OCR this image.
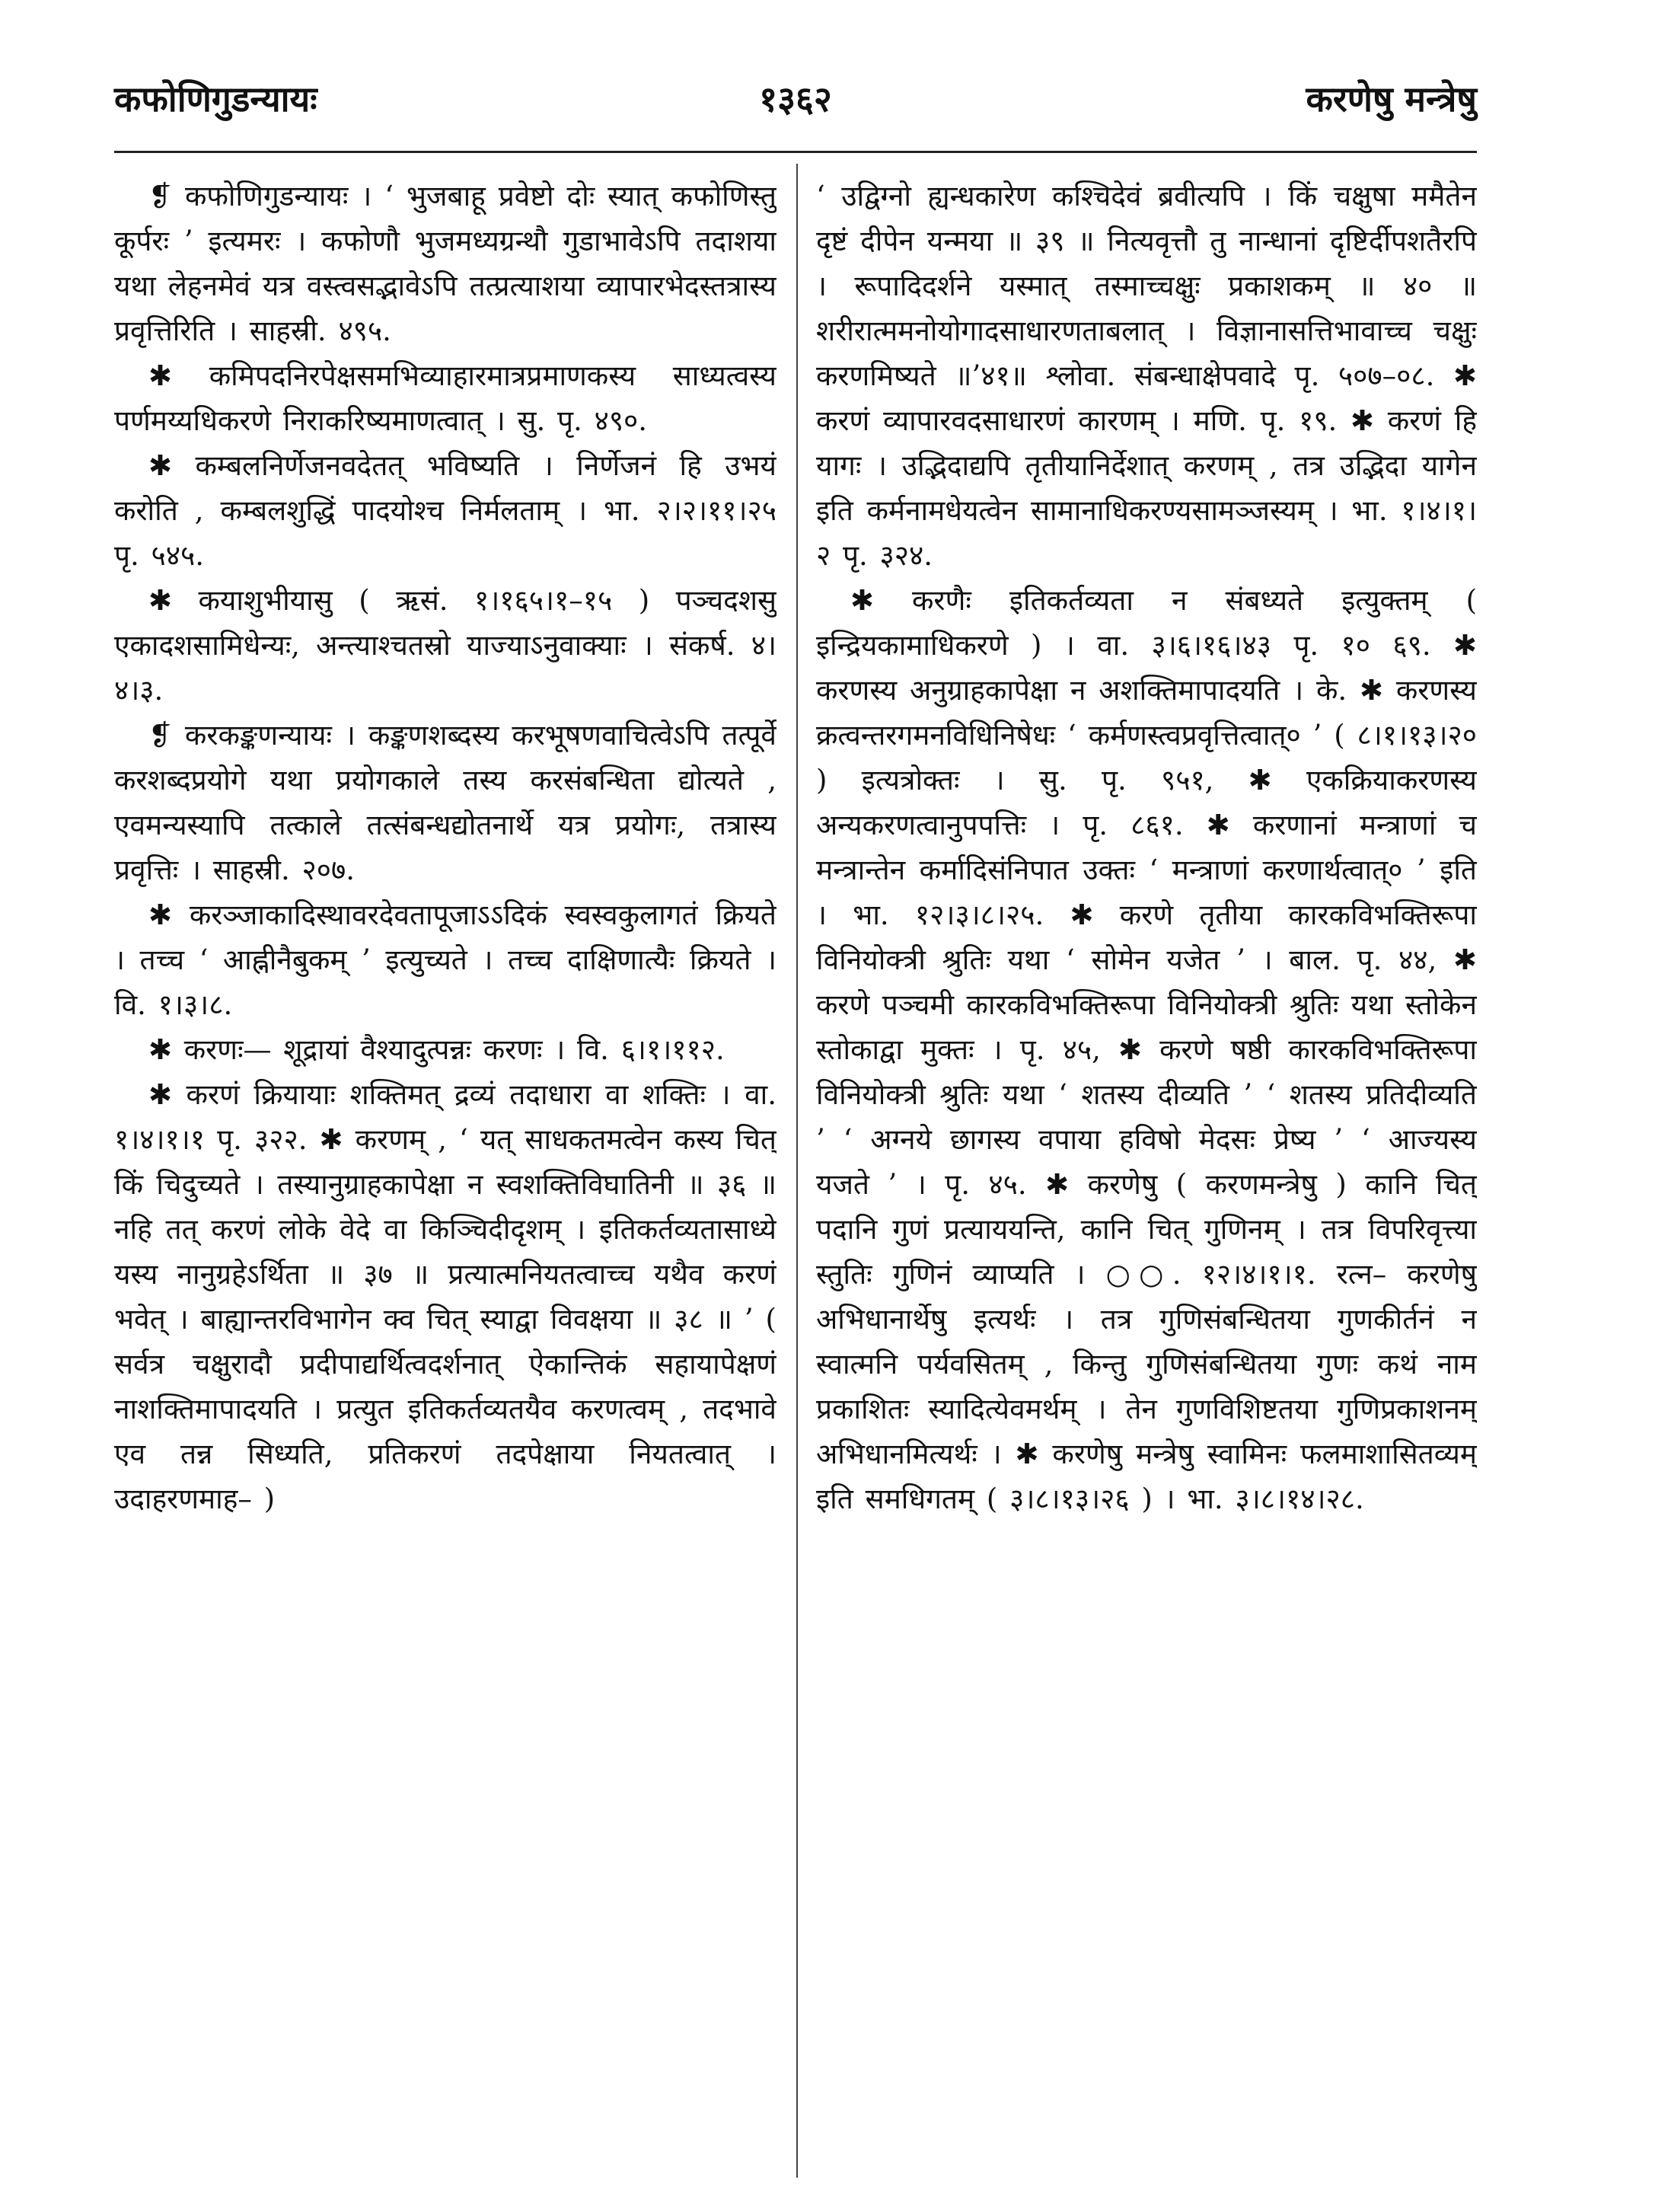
१३६२
कफोणिगुडन्यायः	करणेषु मन्त्रेषु

❡ कफोणिगुडन्यायः । ‘ भुजबाहू प्रवेष्टो दोः स्यात् कफोणिस्तु कूर्परः ’ इत्यमरः । कफोणौ भुजमध्यग्रन्थौ गुडाभावेऽपि तदाशया यथा लेहनमेवं यत्र वस्त्वसद्भावेऽपि तत्प्रत्याशया व्यापारभेदस्तत्रास्य प्रवृत्तिरिति । साहस्री. ४९५.

✱ कमिपदनिरपेक्षसमभिव्याहारमात्रप्रमाणकस्य साध्यत्वस्य पर्णमय्यधिकरणे निराकरिष्यमाणत्वात् । सु. पृ. ४९०.

✱ कम्बलनिर्णेजनवदेतत् भविष्यति । निर्णेजनं हि उभयं करोति , कम्बलशुद्धिं पादयोश्च निर्मलताम् । भा. २।२।११।२५ पृ. ५४५.

✱ कयाशुभीयासु ( ऋसं. १।१६५।१–१५ ) पञ्चदशसु एकादशसामिधेन्यः, अन्त्याश्चतस्रो याज्याऽनुवाक्याः । संकर्ष. ४।४।३.

❡ करकङ्कणन्यायः । कङ्कणशब्दस्य करभूषणवाचित्वेऽपि तत्पूर्वे करशब्दप्रयोगे यथा प्रयोगकाले तस्य करसंबन्धिता द्योत्यते , एवमन्यस्यापि तत्काले तत्संबन्धद्योतनार्थे यत्र प्रयोगः, तत्रास्य प्रवृत्तिः । साहस्री. २०७.

✱ करञ्जाकादिस्थावरदेवतापूजाऽऽदिकं स्वस्वकुलागतं क्रियते । तच्च ‘ आह्नीनैबुकम् ’ इत्युच्यते । तच्च दाक्षिणात्यैः क्रियते । वि. १।३।८.

✱ करणः— शूद्रायां वैश्यादुत्पन्नः करणः । वि. ६।१।११२.

✱ करणं क्रियायाः शक्तिमत् द्रव्यं तदाधारा वा शक्तिः । वा. १।४।१।१ पृ. ३२२. ✱ करणम् , ‘ यत् साधकतमत्वेन कस्य चित् किं चिदुच्यते । तस्यानुग्राहकापेक्षा न स्वशक्तिविघातिनी ॥ ३६ ॥ नहि तत् करणं लोके वेदे वा किञ्चिदीदृशम् । इतिकर्तव्यतासाध्ये यस्य नानुग्रहेऽर्थिता ॥ ३७ ॥ प्रत्यात्मनियतत्वाच्च यथैव करणं भवेत् । बाह्यान्तरविभागेन क्व चित् स्याद्वा विवक्षया ॥ ३८ ॥ ’ ( सर्वत्र चक्षुरादौ प्रदीपाद्यर्थित्वदर्शनात् ऐकान्तिकं सहायापेक्षणं नाशक्तिमापादयति । प्रत्युत इतिकर्तव्यतयैव करणत्वम् , तदभावे एव तन्न सिध्यति, प्रतिकरणं तदपेक्षाया नियतत्वात् । उदाहरणमाह– )

‘ उद्विग्नो ह्यन्धकारेण कश्चिदेवं ब्रवीत्यपि । किं चक्षुषा ममैतेन दृष्टं दीपेन यन्मया ॥ ३९ ॥ नित्यवृत्तौ तु नान्धानां दृष्टिर्दीपशतैरपि । रूपादिदर्शने यस्मात् तस्माच्चक्षुः प्रकाशकम् ॥ ४० ॥ शरीरात्ममनोयोगादसाधारणताबलात् । विज्ञानासत्तिभावाच्च चक्षुः करणमिष्यते ॥’४१॥ श्लोवा. संबन्धाक्षेपवादे पृ. ५०७–०८. ✱ करणं व्यापारवदसाधारणं कारणम् । मणि. पृ. १९. ✱ करणं हि यागः । उद्भिदाद्यपि तृतीयानिर्देशात् करणम् , तत्र उद्भिदा यागेन इति कर्मनामधेयत्वेन सामानाधिकरण्यसामञ्जस्यम् । भा. १।४।१।२ पृ. ३२४.

✱ करणैः इतिकर्तव्यता न संबध्यते इत्युक्तम् ( इन्द्रियकामाधिकरणे ) । वा. ३।६।१६।४३ पृ. १० ६९. ✱ करणस्य अनुग्राहकापेक्षा न अशक्तिमापादयति । के. ✱ करणस्य क्रत्वन्तरगमनविधिनिषेधः ‘ कर्मणस्त्वप्रवृत्तित्वात्० ’ ( ८।१।१३।२० ) इत्यत्रोक्तः । सु. पृ. ९५१, ✱ एकक्रियाकरणस्य अन्यकरणत्वानुपपत्तिः । पृ. ८६१. ✱ करणानां मन्त्राणां च मन्त्रान्तेन कर्मादिसंनिपात उक्तः ‘ मन्त्राणां करणार्थत्वात्० ’ इति । भा. १२।३।८।२५. ✱ करणे तृतीया कारकविभक्तिरूपा विनियोक्त्री श्रुतिः यथा ‘ सोमेन यजेत ’ । बाल. पृ. ४४, ✱ करणे पञ्चमी कारकविभक्तिरूपा विनियोक्त्री श्रुतिः यथा स्तोकेन स्तोकाद्वा मुक्तः । पृ. ४५, ✱ करणे षष्ठी कारकविभक्तिरूपा विनियोक्त्री श्रुतिः यथा ‘ शतस्य दीव्यति ’ ‘ शतस्य प्रतिदीव्यति ’ ‘ अग्नये छागस्य वपाया हविषो मेदसः प्रेष्य ’ ‘ आज्यस्य यजते ’ । पृ. ४५. ✱ करणेषु ( करणमन्त्रेषु ) कानि चित् पदानि गुणं प्रत्याययन्ति, कानि चित् गुणिनम् । तत्र विपरिवृत्त्या स्तुतिः गुणिनं व्याप्यति । ○○. १२।४।१।१. रत्न– करणेषु अभिधानार्थेषु इत्यर्थः । तत्र गुणिसंबन्धितया गुणकीर्तनं न स्वात्मनि पर्यवसितम् , किन्तु गुणिसंबन्धितया गुणः कथं नाम प्रकाशितः स्यादित्येवमर्थम् । तेन गुणविशिष्टतया गुणिप्रकाशनम् अभिधानमित्यर्थः । ✱ करणेषु मन्त्रेषु स्वामिनः फलमाशासितव्यम् इति समधिगतम् ( ३।८।१३।२६ ) । भा. ३।८।१४।२८.
